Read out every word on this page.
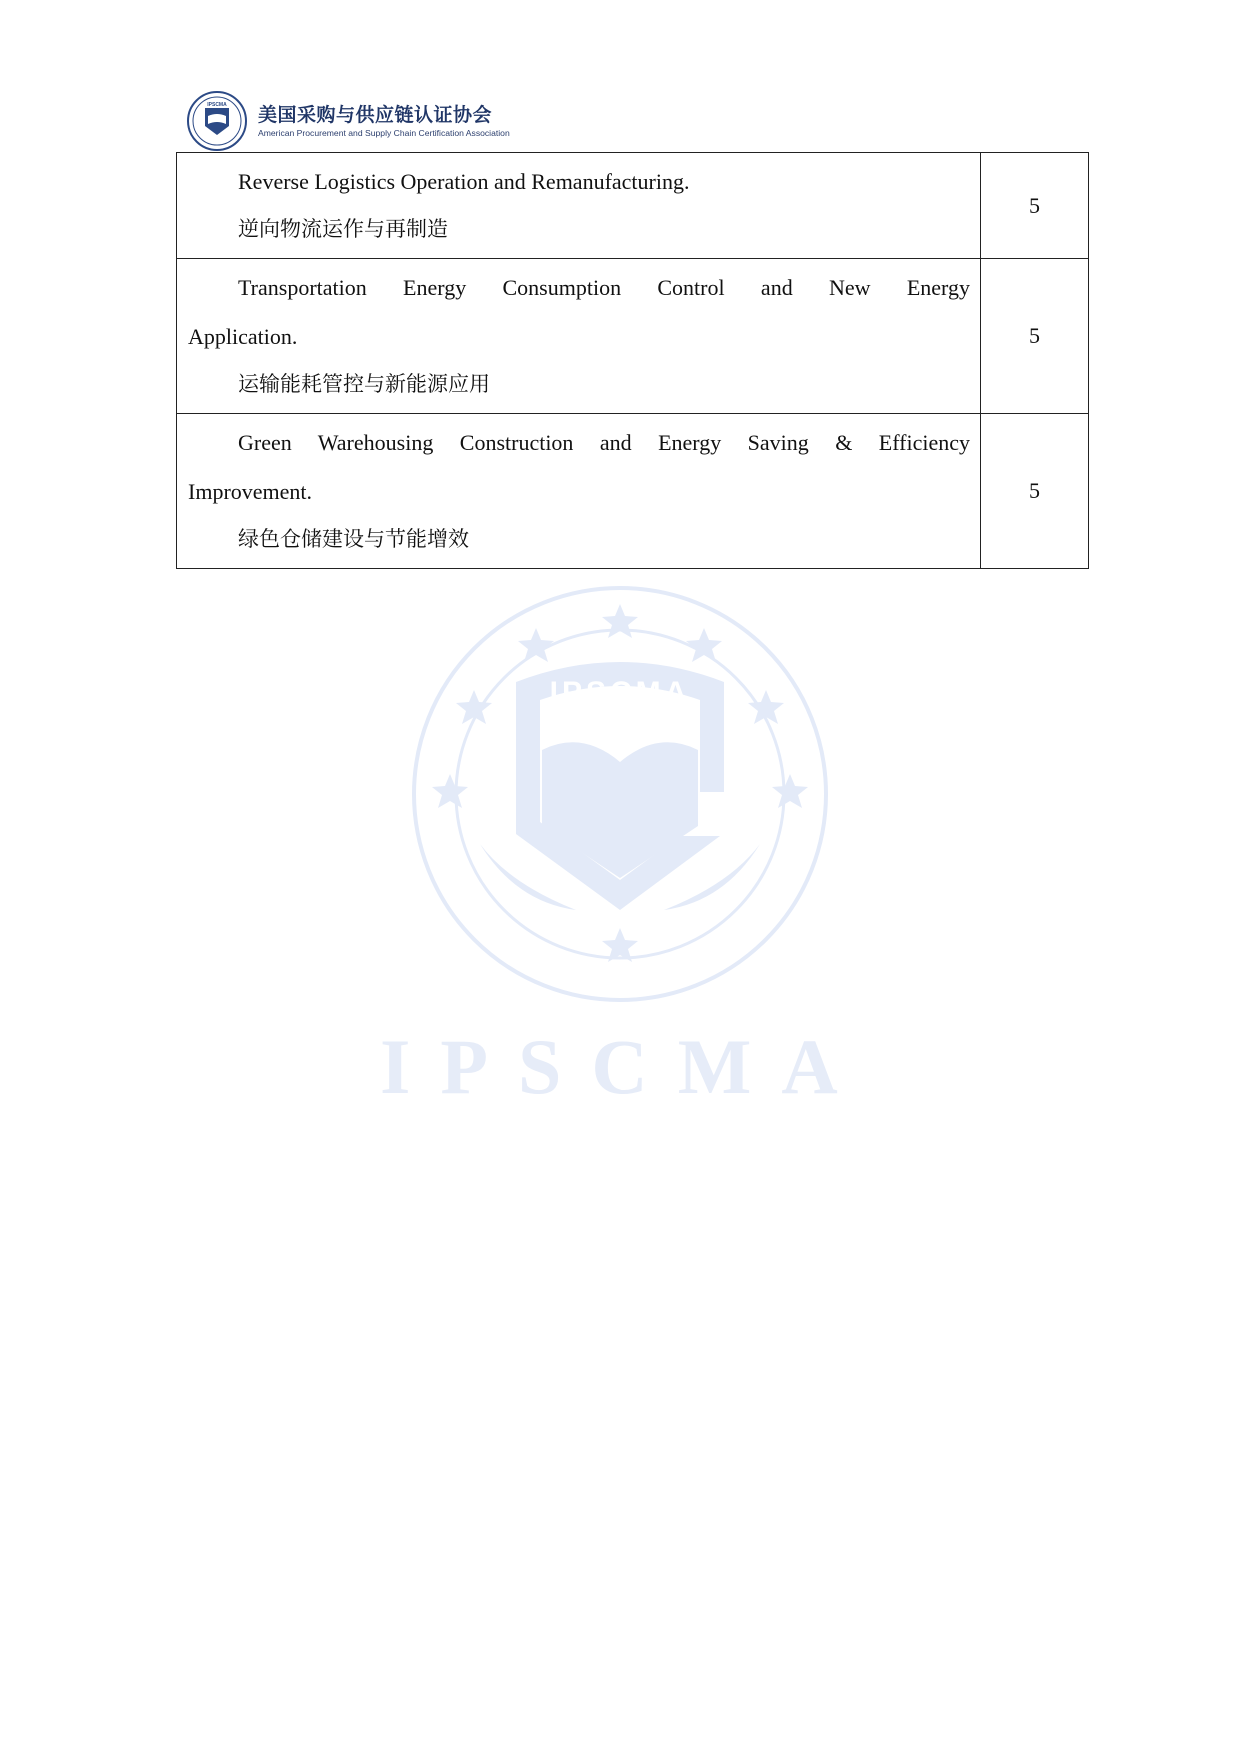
IPSCMA 美国采购与供应链认证协会
American Procurement and Supply Chain Certification Association
Reverse Logistics Operation and Remanufacturing.
逆向物流运作与再制造	5

Transportation Energy Consumption Control and New Energy
Application.
运输能耗管控与新能源应用	5

Green Warehousing Construction and Energy Saving & Efficiency
Improvement.
绿色仓储建设与节能增效	5
IPSCMA
IPSCMA
